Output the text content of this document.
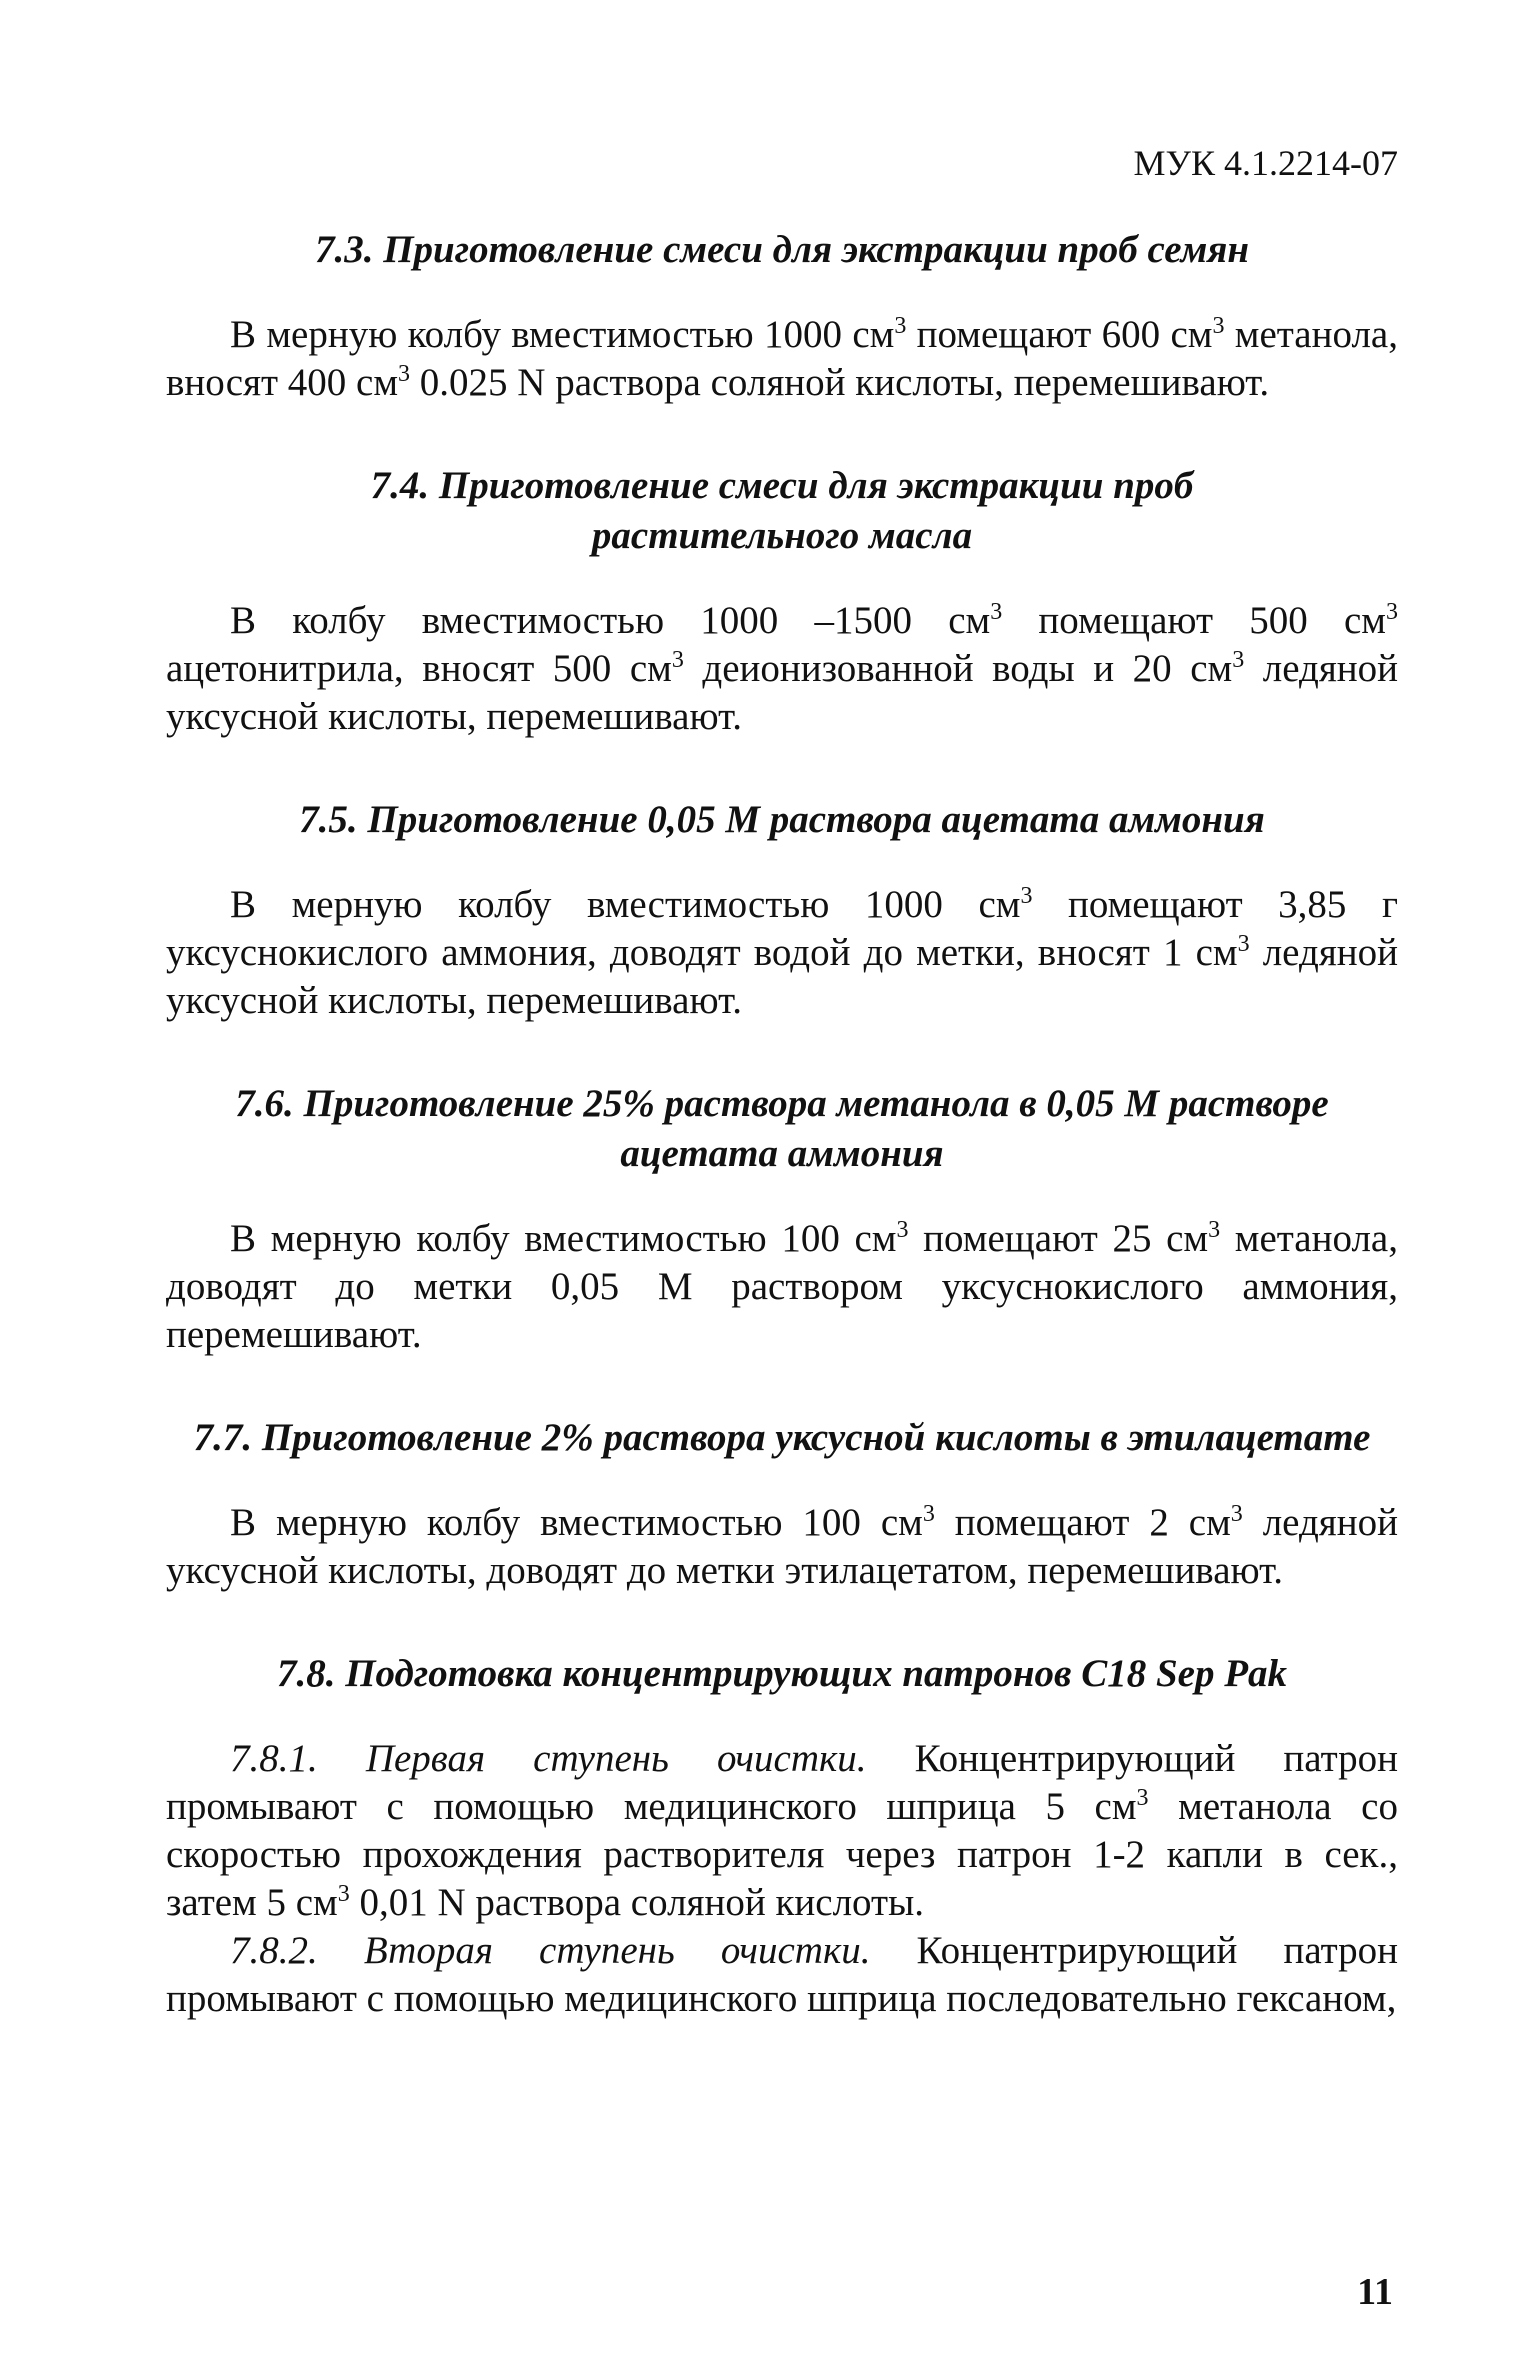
МУК 4.1.2214-07

7.3. Приготовление смеси для экстракции проб семян

В мерную колбу вместимостью 1000 $см^3$ помещают 600 $см^3$ метанола, вносят 400 $см^3$ 0.025 N раствора соляной кислоты, перемешивают.

7.4. Приготовление смеси для экстракции проб
растительного масла

В колбу вместимостью 1000 –1500 $см^3$ помещают 500 $см^3$ ацетонитрила, вносят 500 $см^3$ деионизованной воды и 20 $см^3$ ледяной уксусной кислоты, перемешивают.

7.5. Приготовление 0,05 М раствора ацетата аммония

В мерную колбу вместимостью 1000 $см^3$ помещают 3,85 г уксуснокислого аммония, доводят водой до метки, вносят 1 $см^3$ ледяной уксусной кислоты, перемешивают.

7.6. Приготовление 25% раствора метанола в 0,05 М растворе
ацетата аммония

В мерную колбу вместимостью 100 $см^3$ помещают 25 $см^3$ метанола, доводят до метки 0,05 М раствором уксуснокислого аммония, перемешивают.

7.7. Приготовление 2% раствора уксусной кислоты в этилацетате

В мерную колбу вместимостью 100 $см^3$ помещают 2 $см^3$ ледяной уксусной кислоты, доводят до метки этилацетатом, перемешивают.

7.8. Подготовка концентрирующих патронов С18 Sep Pak

7.8.1. Первая ступень очистки. Концентрирующий патрон промывают с помощью медицинского шприца 5 $см^3$ метанола со скоростью прохождения растворителя через патрон 1-2 капли в сек., затем 5 $см^3$ 0,01 N раствора соляной кислоты.

7.8.2. Вторая ступень очистки. Концентрирующий патрон промывают с помощью медицинского шприца последовательно гексаном,

11
